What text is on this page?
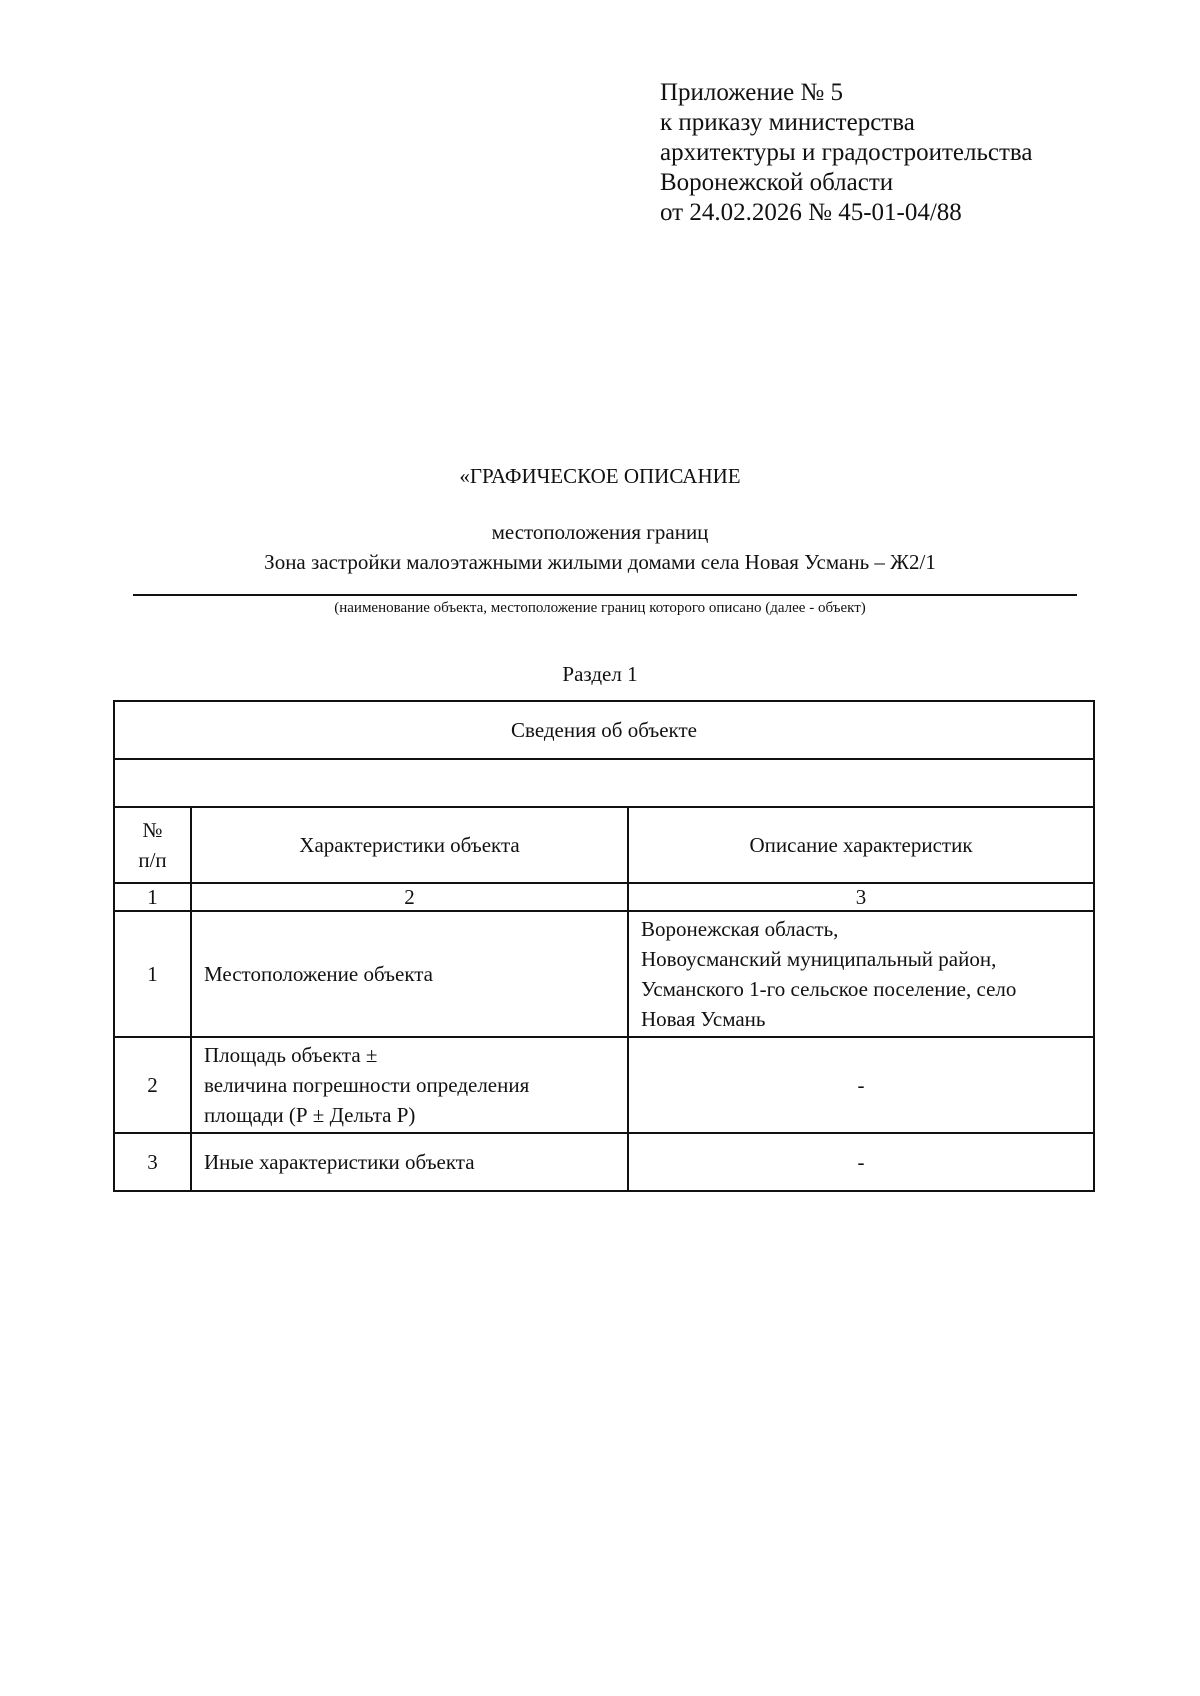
Приложение № 5
к приказу министерства
архитектуры и градостроительства
Воронежской области
от 24.02.2026 № 45-01-04/88
«ГРАФИЧЕСКОЕ ОПИСАНИЕ
местоположения границ
Зона застройки малоэтажными жилыми домами села Новая Усмань – Ж2/1
(наименование объекта, местоположение границ которого описано (далее - объект)
Раздел 1
Сведения об объекте		

№
п/п	Характеристики объекта	Описание характеристик
1	2	3
1	Местоположение объекта	Воронежская область,
Новоусманский муниципальный район,
Усманского 1-го сельское поселение, село
Новая Усмань
2	Площадь объекта ±
величина погрешности определения
площади (Р ± Дельта Р)	-
3	Иные характеристики объекта	-
